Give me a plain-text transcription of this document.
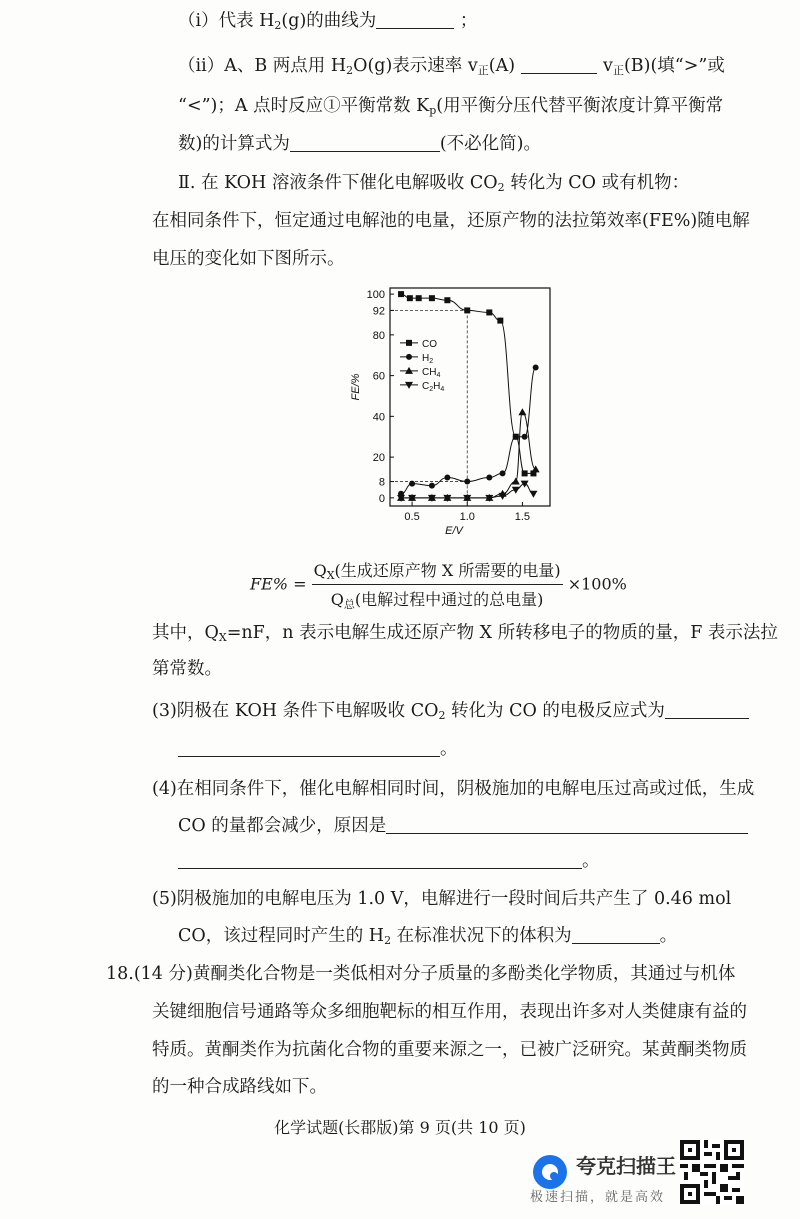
（ⅰ）代表 $H_2(g)$的曲线为	；
（ⅱ）A、B 两点用 $H_2O(g)$表示速率 $v_正(A)$	$v_正(B)$(填“>”或
“<”)；A 点时反应①平衡常数 $K_p$(用平衡分压代替平衡浓度计算平衡常
数)的计算式为	(不必化简)。
Ⅱ. 在 KOH 溶液条件下催化电解吸收 $CO_2$ 转化为 CO 或有机物：
在相同条件下，恒定通过电解池的电量，还原产物的法拉第效率(FE%)随电解
电压的变化如下图所示。
0
8
20
40
60
80
92
100
0.5	1.0	1.5
E/V
FE/%
CO
$H_2$
$CH_4$
$C_2H_4$
$FE\% = \frac{Q_X(生成还原产物 X 所需要的电量)}{Q_总(电解过程中通过的总电量)} \times 100\%$
其中，$Q_X=nF$，n 表示电解生成还原产物 X 所转移电子的物质的量，F 表示法拉
第常数。
(3)阴极在 KOH 条件下电解吸收 $CO_2$ 转化为 CO 的电极反应式为
。
(4)在相同条件下，催化电解相同时间，阴极施加的电解电压过高或过低，生成
CO 的量都会减少，原因是
。
(5)阴极施加的电解电压为 1.0 V，电解进行一段时间后共产生了 0.46 mol
CO，该过程同时产生的 $H_2$ 在标准状况下的体积为	。
18.(14 分)黄酮类化合物是一类低相对分子质量的多酚类化学物质，其通过与机体
关键细胞信号通路等众多细胞靶标的相互作用，表现出许多对人类健康有益的
特质。黄酮类作为抗菌化合物的重要来源之一，已被广泛研究。某黄酮类物质
的一种合成路线如下。
化学试题(长郡版)第 9 页(共 10 页)
夸克扫描王
极速扫描，就是高效
